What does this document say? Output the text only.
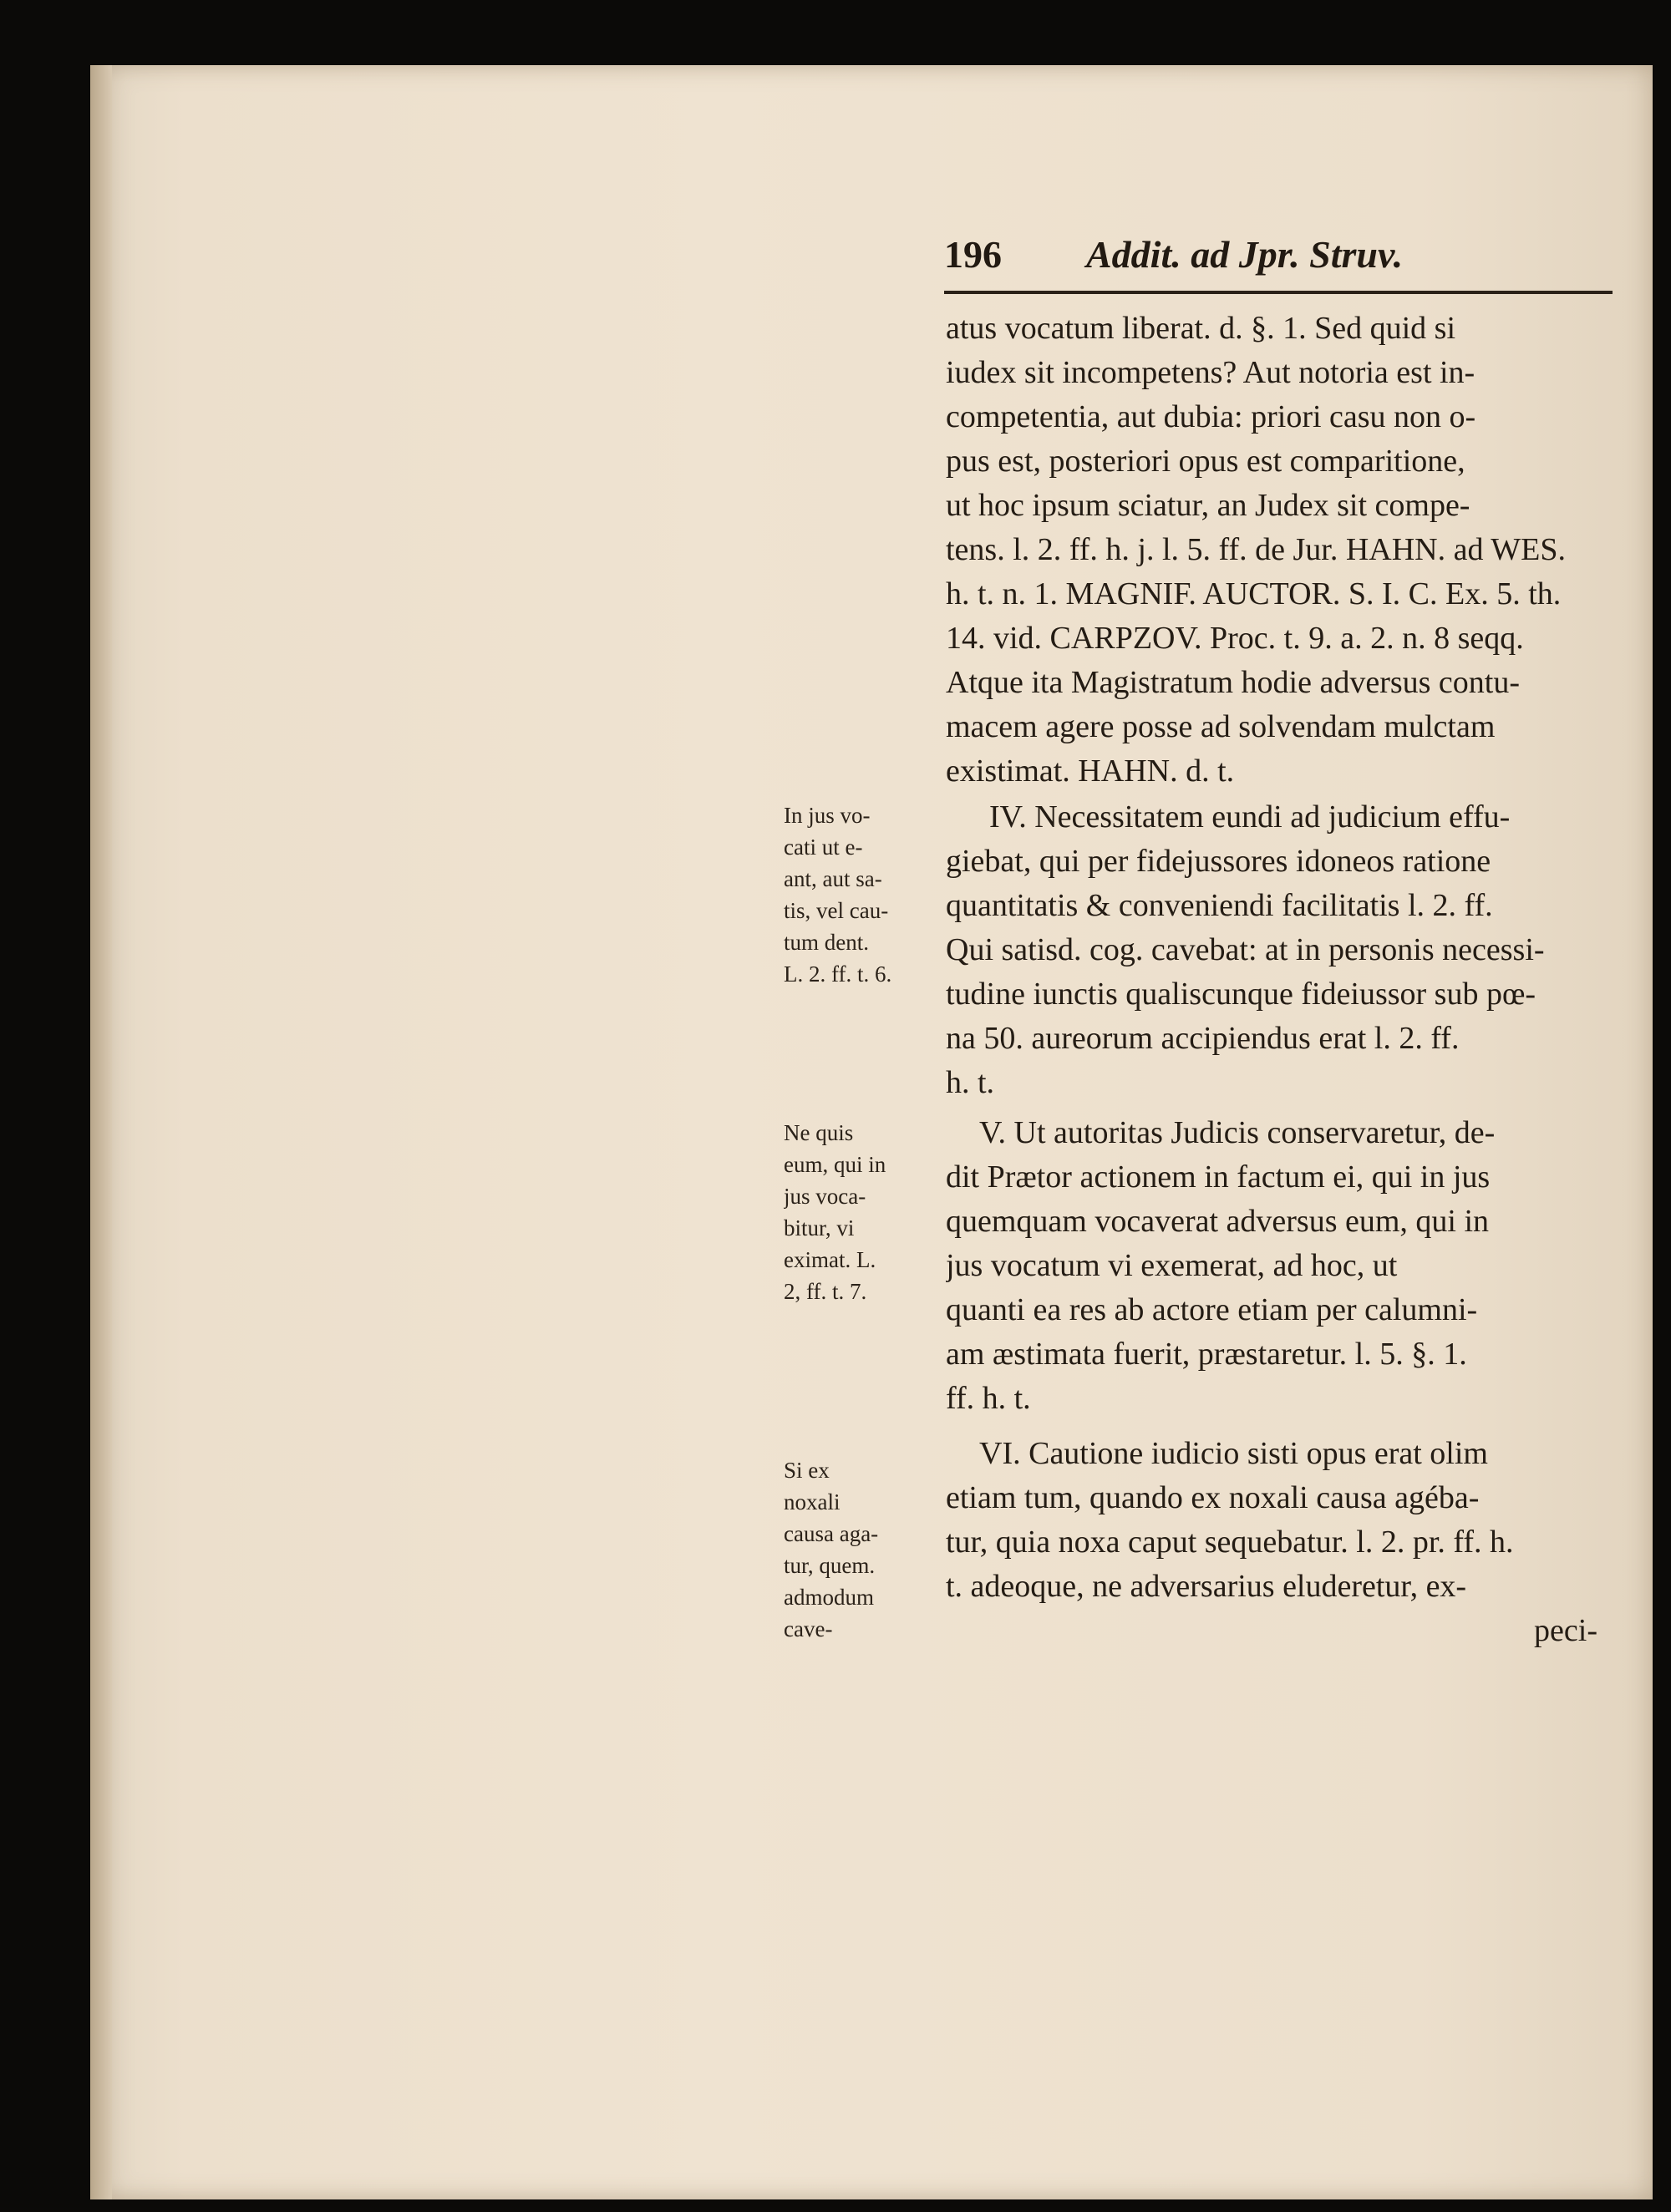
196 Addit. ad Jpr. Struv.
atus vocatum liberat. d. §. 1. Sed quid si
iudex sit incompetens? Aut notoria est in-
competentia, aut dubia: priori casu non o-
pus est, posteriori opus est comparitione,
ut hoc ipsum sciatur, an Judex sit compe-
tens. l. 2. ff. h. j. l. 5. ff. de Jur. HAHN. ad WES.
h. t. n. 1. MAGNIF. AUCTOR. S. I. C. Ex. 5. th.
14. vid. CARPZOV. Proc. t. 9. a. 2. n. 8 seqq.
Atque ita Magistratum hodie adversus contu-
macem agere posse ad solvendam mulctam
existimat. HAHN. d. t.
IV. Necessitatem eundi ad judicium effu-
giebat, qui per fidejussores idoneos ratione
quantitatis & conveniendi facilitatis l. 2. ff.
Qui satisd. cog. cavebat: at in personis necessi-
tudine iunctis qualiscunque fideiussor sub pœ-
na 50. aureorum accipiendus erat l. 2. ff.
h. t.
In jus vo-
cati ut e-
ant, aut sa-
tis, vel cau-
tum dent.
L. 2. ff. t. 6.
V. Ut autoritas Judicis conservaretur, de-
dit Prætor actionem in factum ei, qui in jus
quemquam vocaverat adversus eum, qui in
jus vocatum vi exemerat, ad hoc, ut
quanti ea res ab actore etiam per calumni-
am æstimata fuerit, præstaretur. l. 5. §. 1.
ff. h. t.
Ne quis
eum, qui in
jus voca-
bitur, vi
eximat. L.
2, ff. t. 7.
VI. Cautione iudicio sisti opus erat olim
etiam tum, quando ex noxali causa agéba-
tur, quia noxa caput sequebatur. l. 2. pr. ff. h.
t. adeoque, ne adversarius eluderetur, ex-
peci-
Si ex
noxali
causa aga-
tur, quem.
admodum
cave-
